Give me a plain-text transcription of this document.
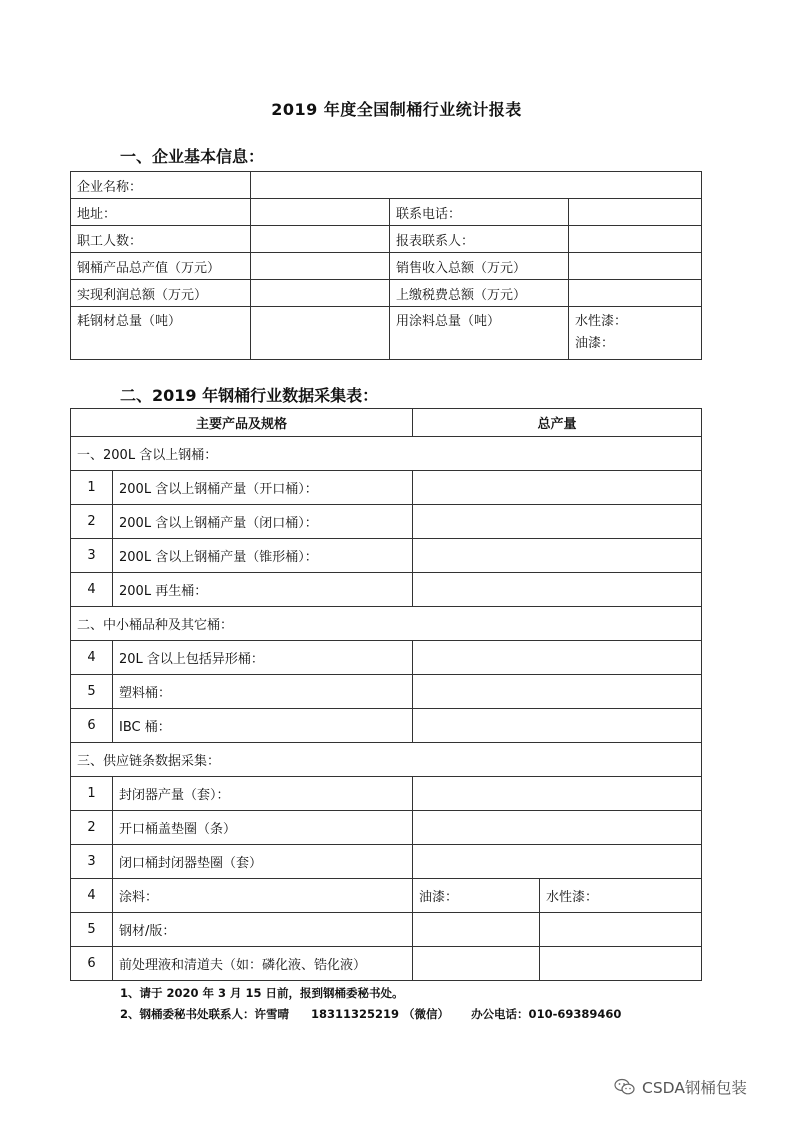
2019 年度全国制桶行业统计报表
一、企业基本信息：
企业名称：			
地址：		联系电话：	
职工人数：		报表联系人：	
钢桶产品总产值（万元）		销售收入总额（万元）	
实现利润总额（万元）		上缴税费总额（万元）	
耗钢材总量（吨）		用涂料总量（吨）	水性漆：
油漆：
二、2019 年钢桶行业数据采集表：
主要产品及规格		总产量	
一、200L 含以上钢桶：			
1	200L 含以上钢桶产量（开口桶）：		
2	200L 含以上钢桶产量（闭口桶）：		
3	200L 含以上钢桶产量（锥形桶）：		
4	200L 再生桶：		
二、中小桶品种及其它桶：			
4	20L 含以上包括异形桶：		
5	塑料桶：		
6	IBC 桶：		
三、供应链条数据采集：			
1	封闭器产量（套）：		
2	开口桶盖垫圈（条）		
3	闭口桶封闭器垫圈（套）		
4	涂料：	油漆：	水性漆：
5	钢材/版：		
6	前处理液和清道夫（如：磷化液、锆化液）		
1、请于 2020 年 3 月 15 日前，报到钢桶委秘书处。
2、钢桶委秘书处联系人：许雪晴 18311325219 （微信） 办公电话：010-69389460
CSDA钢桶包装
